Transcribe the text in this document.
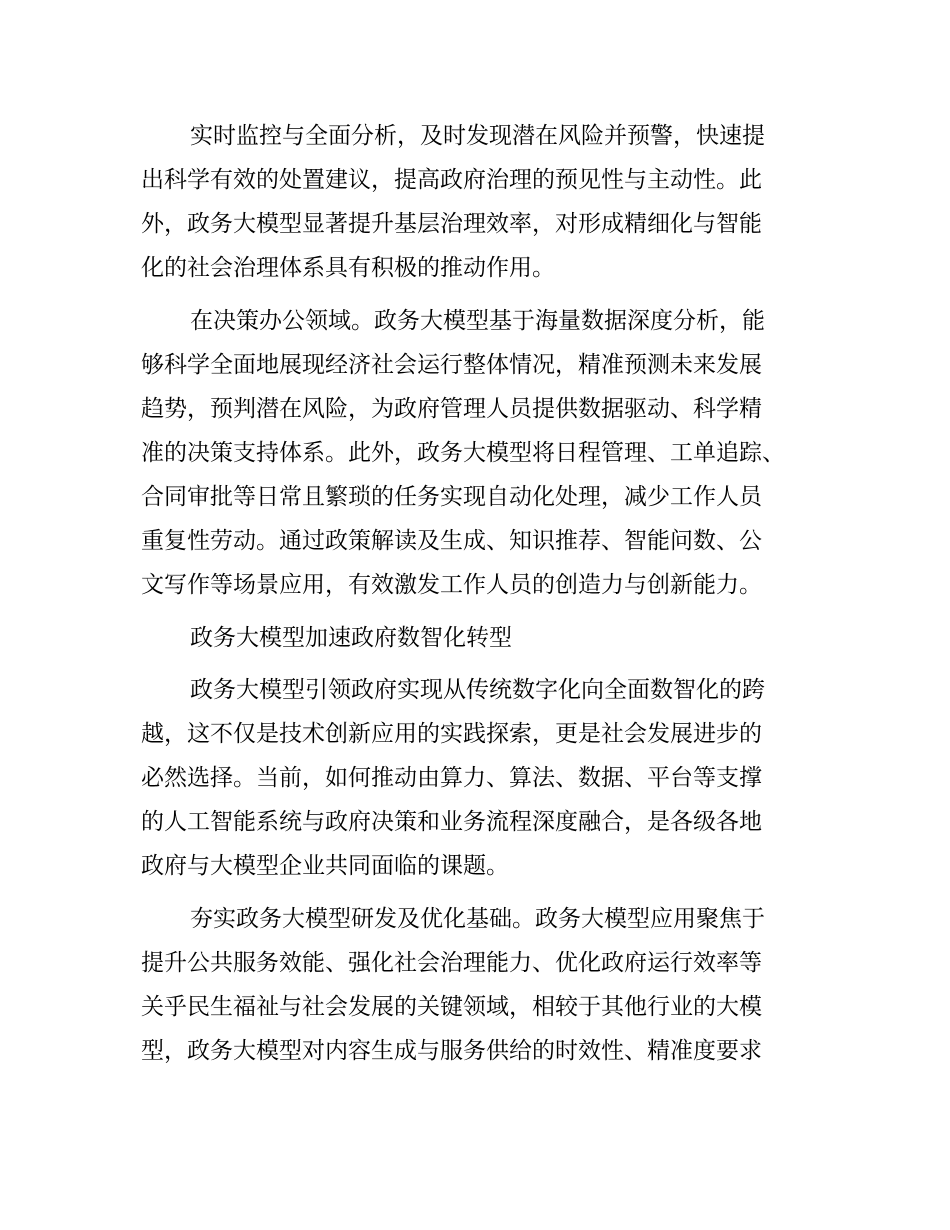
实时监控与全面分析，及时发现潜在风险并预警，快速提
出科学有效的处置建议，提高政府治理的预见性与主动性。此
外，政务大模型显著提升基层治理效率，对形成精细化与智能
化的社会治理体系具有积极的推动作用。
在决策办公领域。政务大模型基于海量数据深度分析，能
够科学全面地展现经济社会运行整体情况，精准预测未来发展
趋势，预判潜在风险，为政府管理人员提供数据驱动、科学精
准的决策支持体系。此外，政务大模型将日程管理、工单追踪、
合同审批等日常且繁琐的任务实现自动化处理，减少工作人员
重复性劳动。通过政策解读及生成、知识推荐、智能问数、公
文写作等场景应用，有效激发工作人员的创造力与创新能力。
政务大模型加速政府数智化转型
政务大模型引领政府实现从传统数字化向全面数智化的跨
越，这不仅是技术创新应用的实践探索，更是社会发展进步的
必然选择。当前，如何推动由算力、算法、数据、平台等支撑
的人工智能系统与政府决策和业务流程深度融合，是各级各地
政府与大模型企业共同面临的课题。
夯实政务大模型研发及优化基础。政务大模型应用聚焦于
提升公共服务效能、强化社会治理能力、优化政府运行效率等
关乎民生福祉与社会发展的关键领域，相较于其他行业的大模
型，政务大模型对内容生成与服务供给的时效性、精准度要求
